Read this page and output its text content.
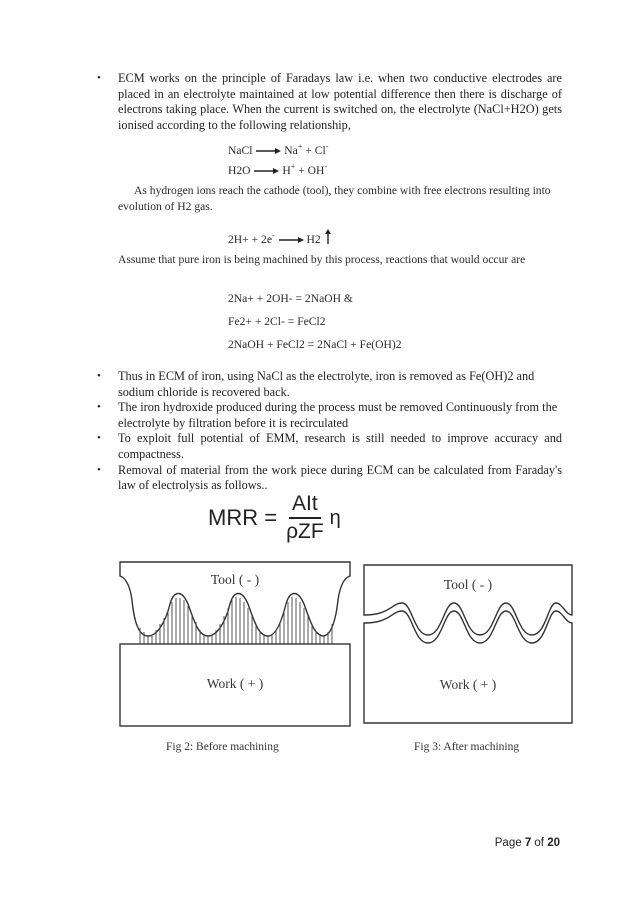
• ECM works on the principle of Faradays law i.e. when two conductive electrodes are placed in an electrolyte maintained at low potential difference then there is discharge of electrons taking place. When the current is switched on, the electrolyte (NaCl+H2O) gets ionised according to the following relationship,
NaCl	Na+ + Cl-
H2O	H+ + OH-
As hydrogen ions reach the cathode (tool), they combine with free electrons resulting into evolution of H2 gas.
2H+ + 2e-	H2
Assume that pure iron is being machined by this process, reactions that would occur are
2Na+ + 2OH- = 2NaOH &
Fe2+ + 2Cl- = FeCl2
2NaOH + FeCl2 = 2NaCl + Fe(OH)2
• Thus in ECM of iron, using NaCl as the electrolyte, iron is removed as Fe(OH)2 and sodium chloride is recovered back.
• The iron hydroxide produced during the process must be removed Continuously from the electrolyte by filtration before it is recirculated
• To exploit full potential of EMM, research is still needed to improve accuracy and compactness.
• Removal of material from the work piece during ECM can be calculated from Faraday's law of electrolysis as follows..
MRR =
AIt
ρZF
η
Tool ( - )
Work ( + )
Tool ( - )
Work ( + )
Fig 2: Before machining	Fig 3: After machining
Page 7 of 20
